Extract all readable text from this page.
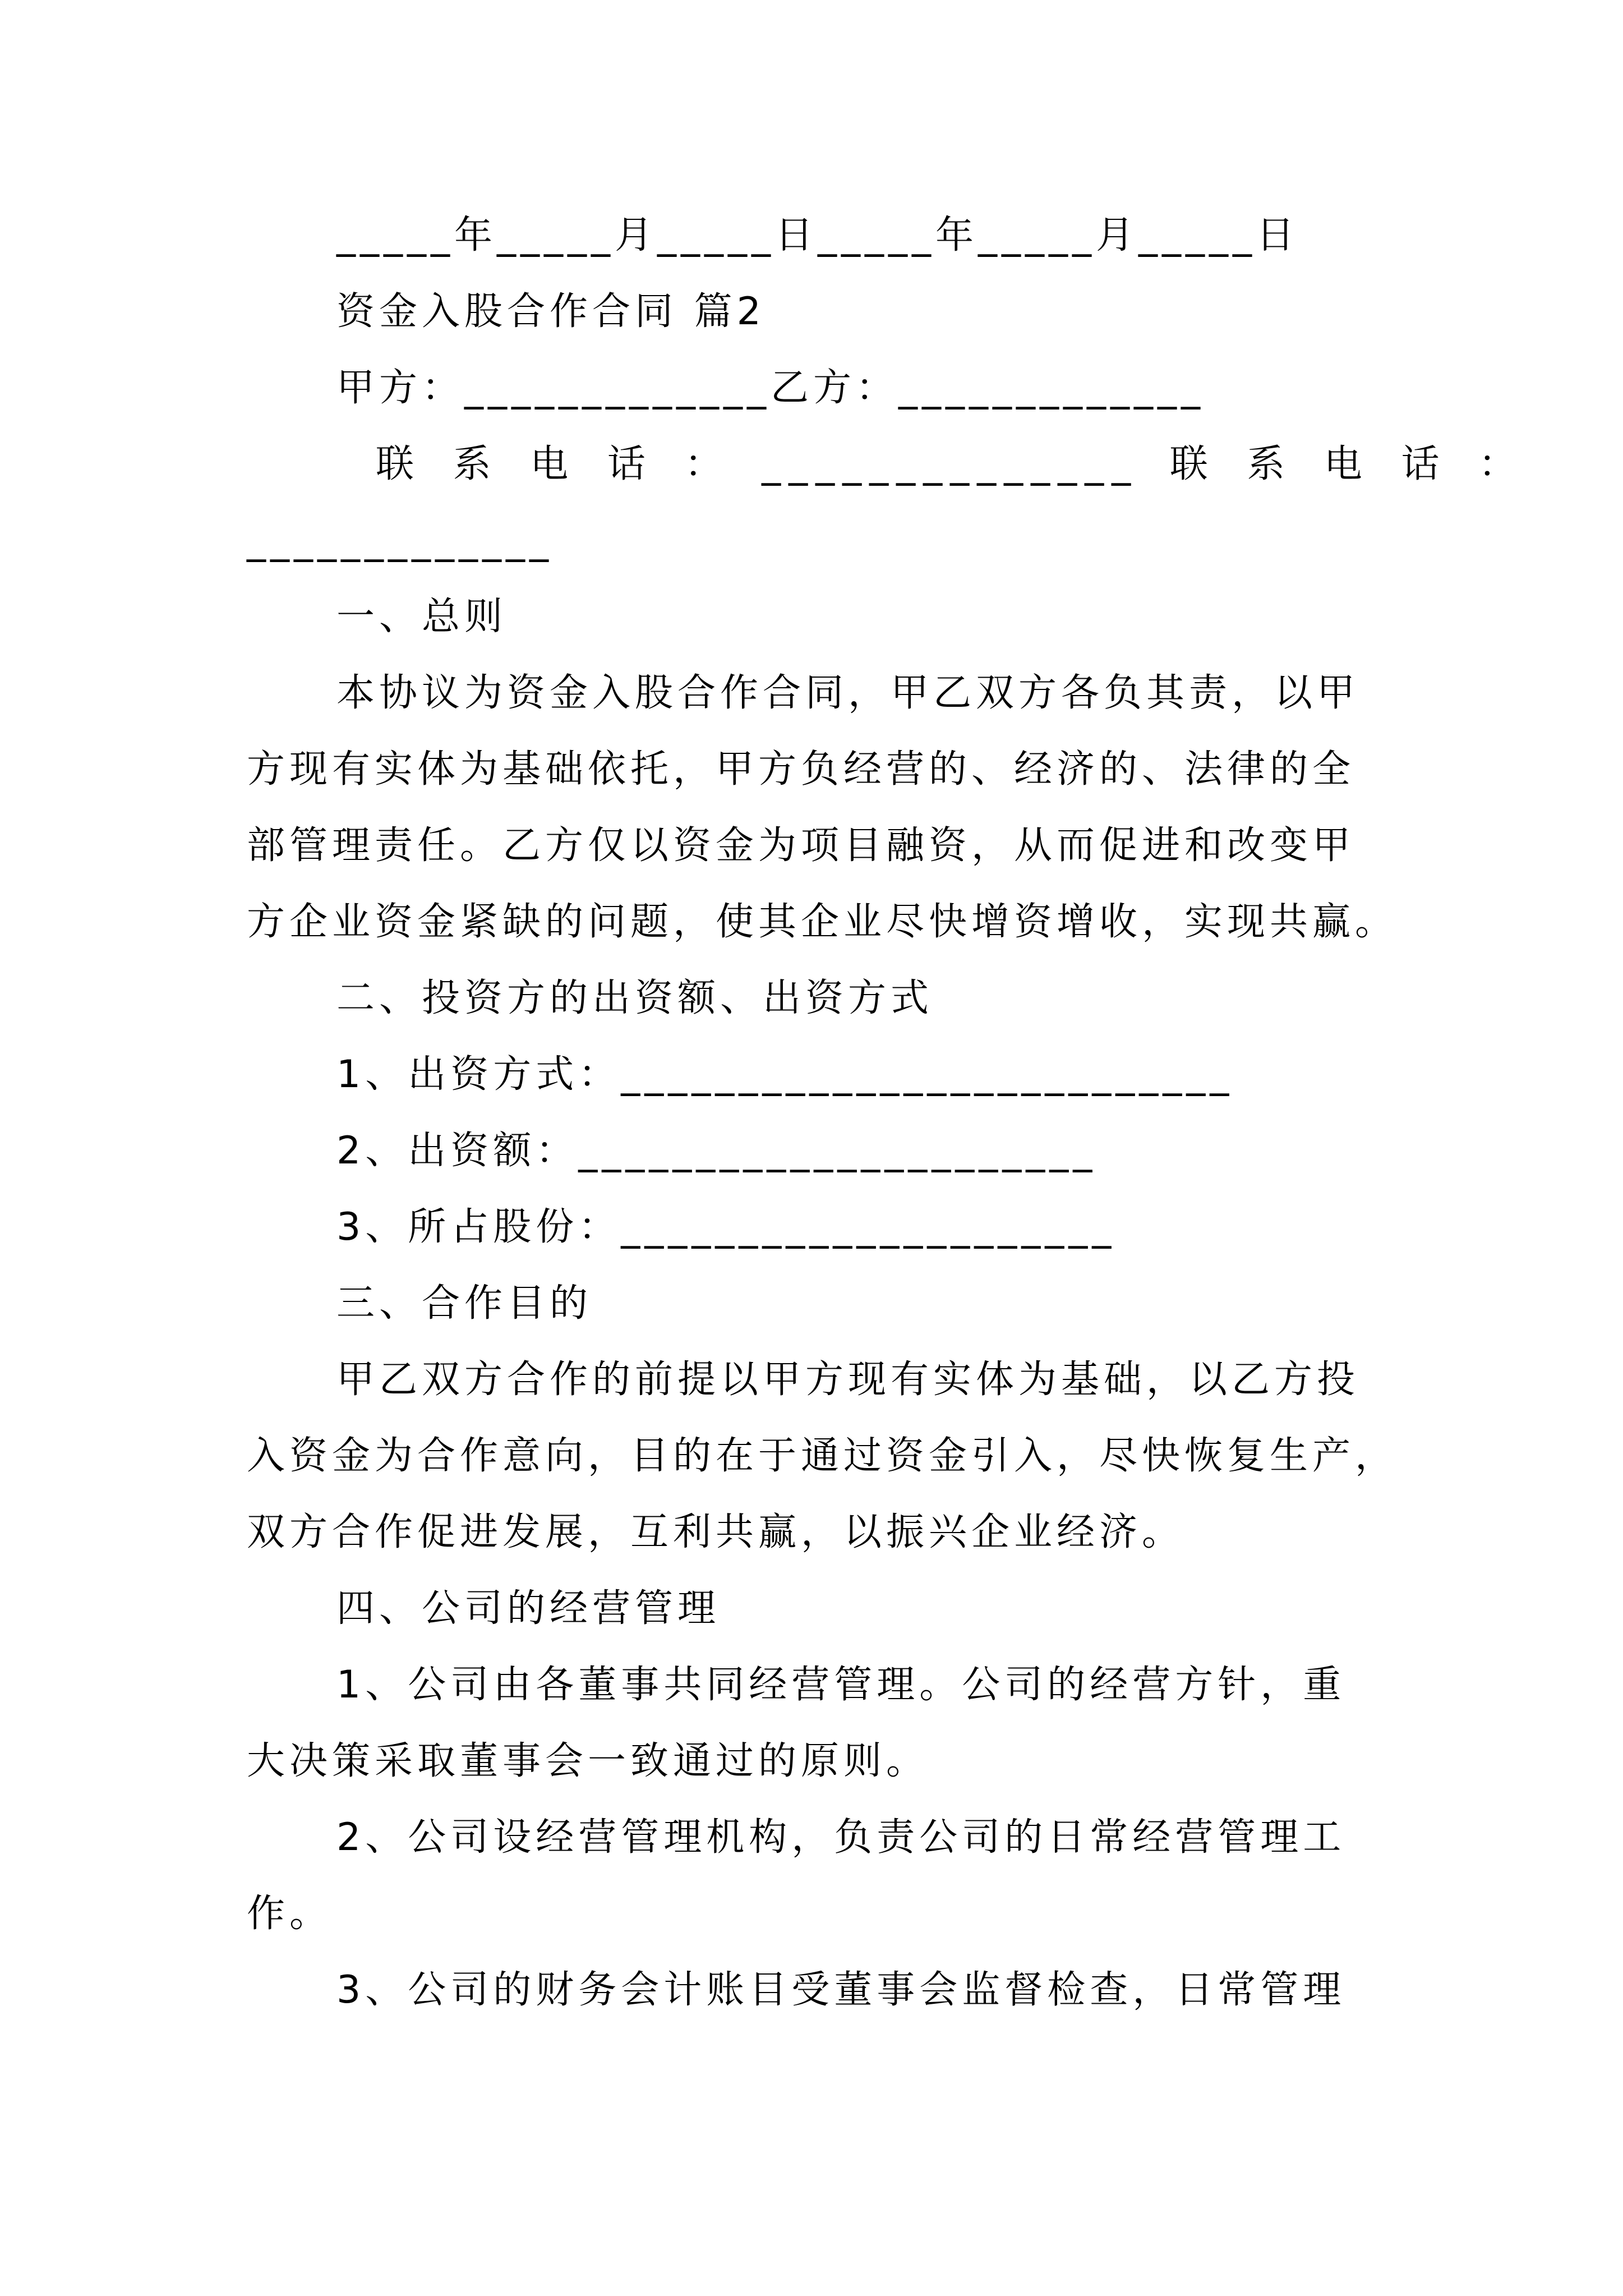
_____年_____月_____日_____年_____月_____日
资金入股合作合同 篇2
甲方：_____________乙方：_____________
联 系 电 话 ： ______________ 联 系 电 话 ：
_____________
一、总则
本协议为资金入股合作合同，甲乙双方各负其责，以甲
方现有实体为基础依托，甲方负经营的、经济的、法律的全
部管理责任。乙方仅以资金为项目融资，从而促进和改变甲
方企业资金紧缺的问题，使其企业尽快增资增收，实现共赢。
二、投资方的出资额、出资方式
1、出资方式：__________________________
2、出资额：______________________
3、所占股份：_____________________
三、合作目的
甲乙双方合作的前提以甲方现有实体为基础，以乙方投
入资金为合作意向，目的在于通过资金引入，尽快恢复生产，
双方合作促进发展，互利共赢，以振兴企业经济。
四、公司的经营管理
1、公司由各董事共同经营管理。公司的经营方针，重
大决策采取董事会一致通过的原则。
2、公司设经营管理机构，负责公司的日常经营管理工
作。
3、公司的财务会计账目受董事会监督检查，日常管理
